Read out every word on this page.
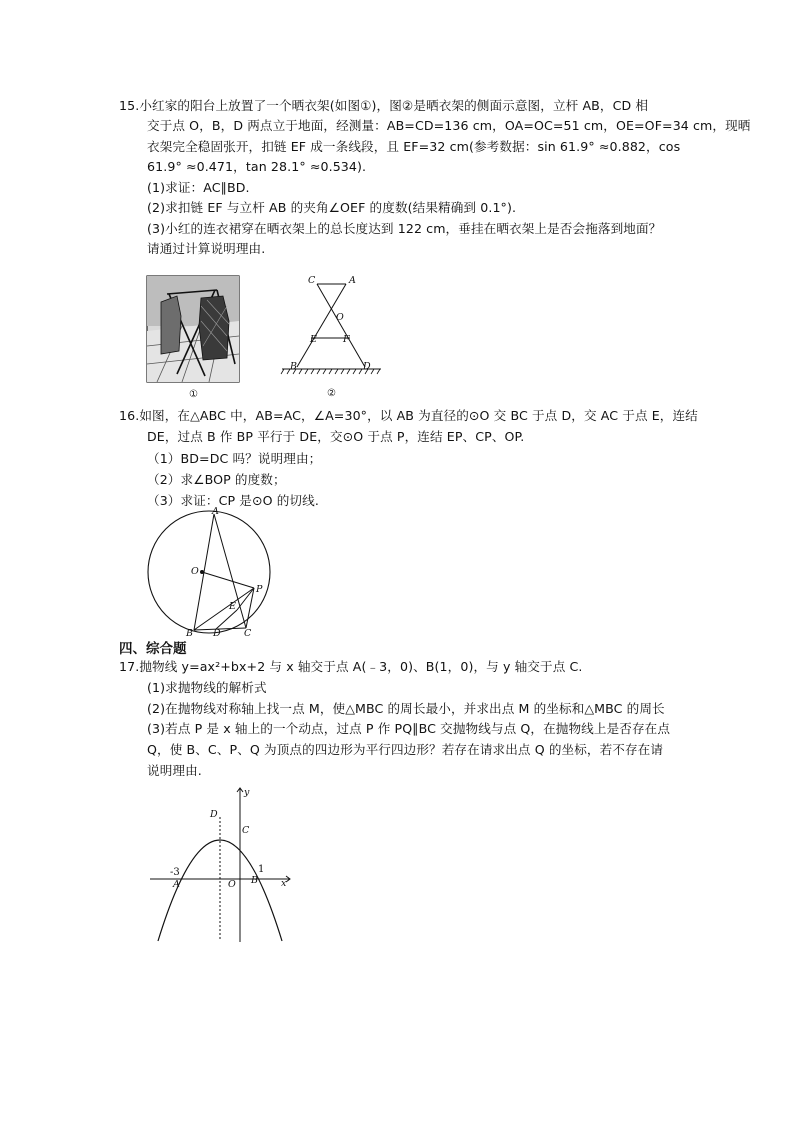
15.小红家的阳台上放置了一个晒衣架(如图①)，图②是晒衣架的侧面示意图，立杆 AB，CD 相
交于点 O，B，D 两点立于地面，经测量：AB=CD=136 cm，OA=OC=51 cm，OE=OF=34 cm，现晒
衣架完全稳固张开，扣链 EF 成一条线段，且 EF=32 cm(参考数据：sin 61.9° ≈0.882，cos
61.9° ≈0.471，tan 28.1° ≈0.534).
(1)求证：AC∥BD.
(2)求扣链 EF 与立杆 AB 的夹角∠OEF 的度数(结果精确到 0.1°).
(3)小红的连衣裙穿在晒衣架上的总长度达到 122 cm，垂挂在晒衣架上是否会拖落到地面？
请通过计算说明理由.
①
C	A
O
E	F
B	D
②
16.如图，在△ABC 中，AB=AC，∠A=30°，以 AB 为直径的⊙O 交 BC 于点 D，交 AC 于点 E，连结
DE，过点 B 作 BP 平行于 DE，交⊙O 于点 P，连结 EP、CP、OP.
（1）BD=DC 吗？说明理由；
（2）求∠BOP 的度数；
（3）求证：CP 是⊙O 的切线.
A
O
P
E
B D C
四、综合题
17.抛物线 y=ax²+bx+2 与 x 轴交于点 A(﹣3，0)、B(1，0)，与 y 轴交于点 C.
(1)求抛物线的解析式
(2)在抛物线对称轴上找一点 M，使△MBC 的周长最小，并求出点 M 的坐标和△MBC 的周长
(3)若点 P 是 x 轴上的一个动点，过点 P 作 PQ∥BC 交抛物线与点 Q，在抛物线上是否存在点
Q，使 B、C、P、Q 为顶点的四边形为平行四边形？若存在请求出点 Q 的坐标，若不存在请
说明理由.
y
x
D
C
A	O B
-3	1
